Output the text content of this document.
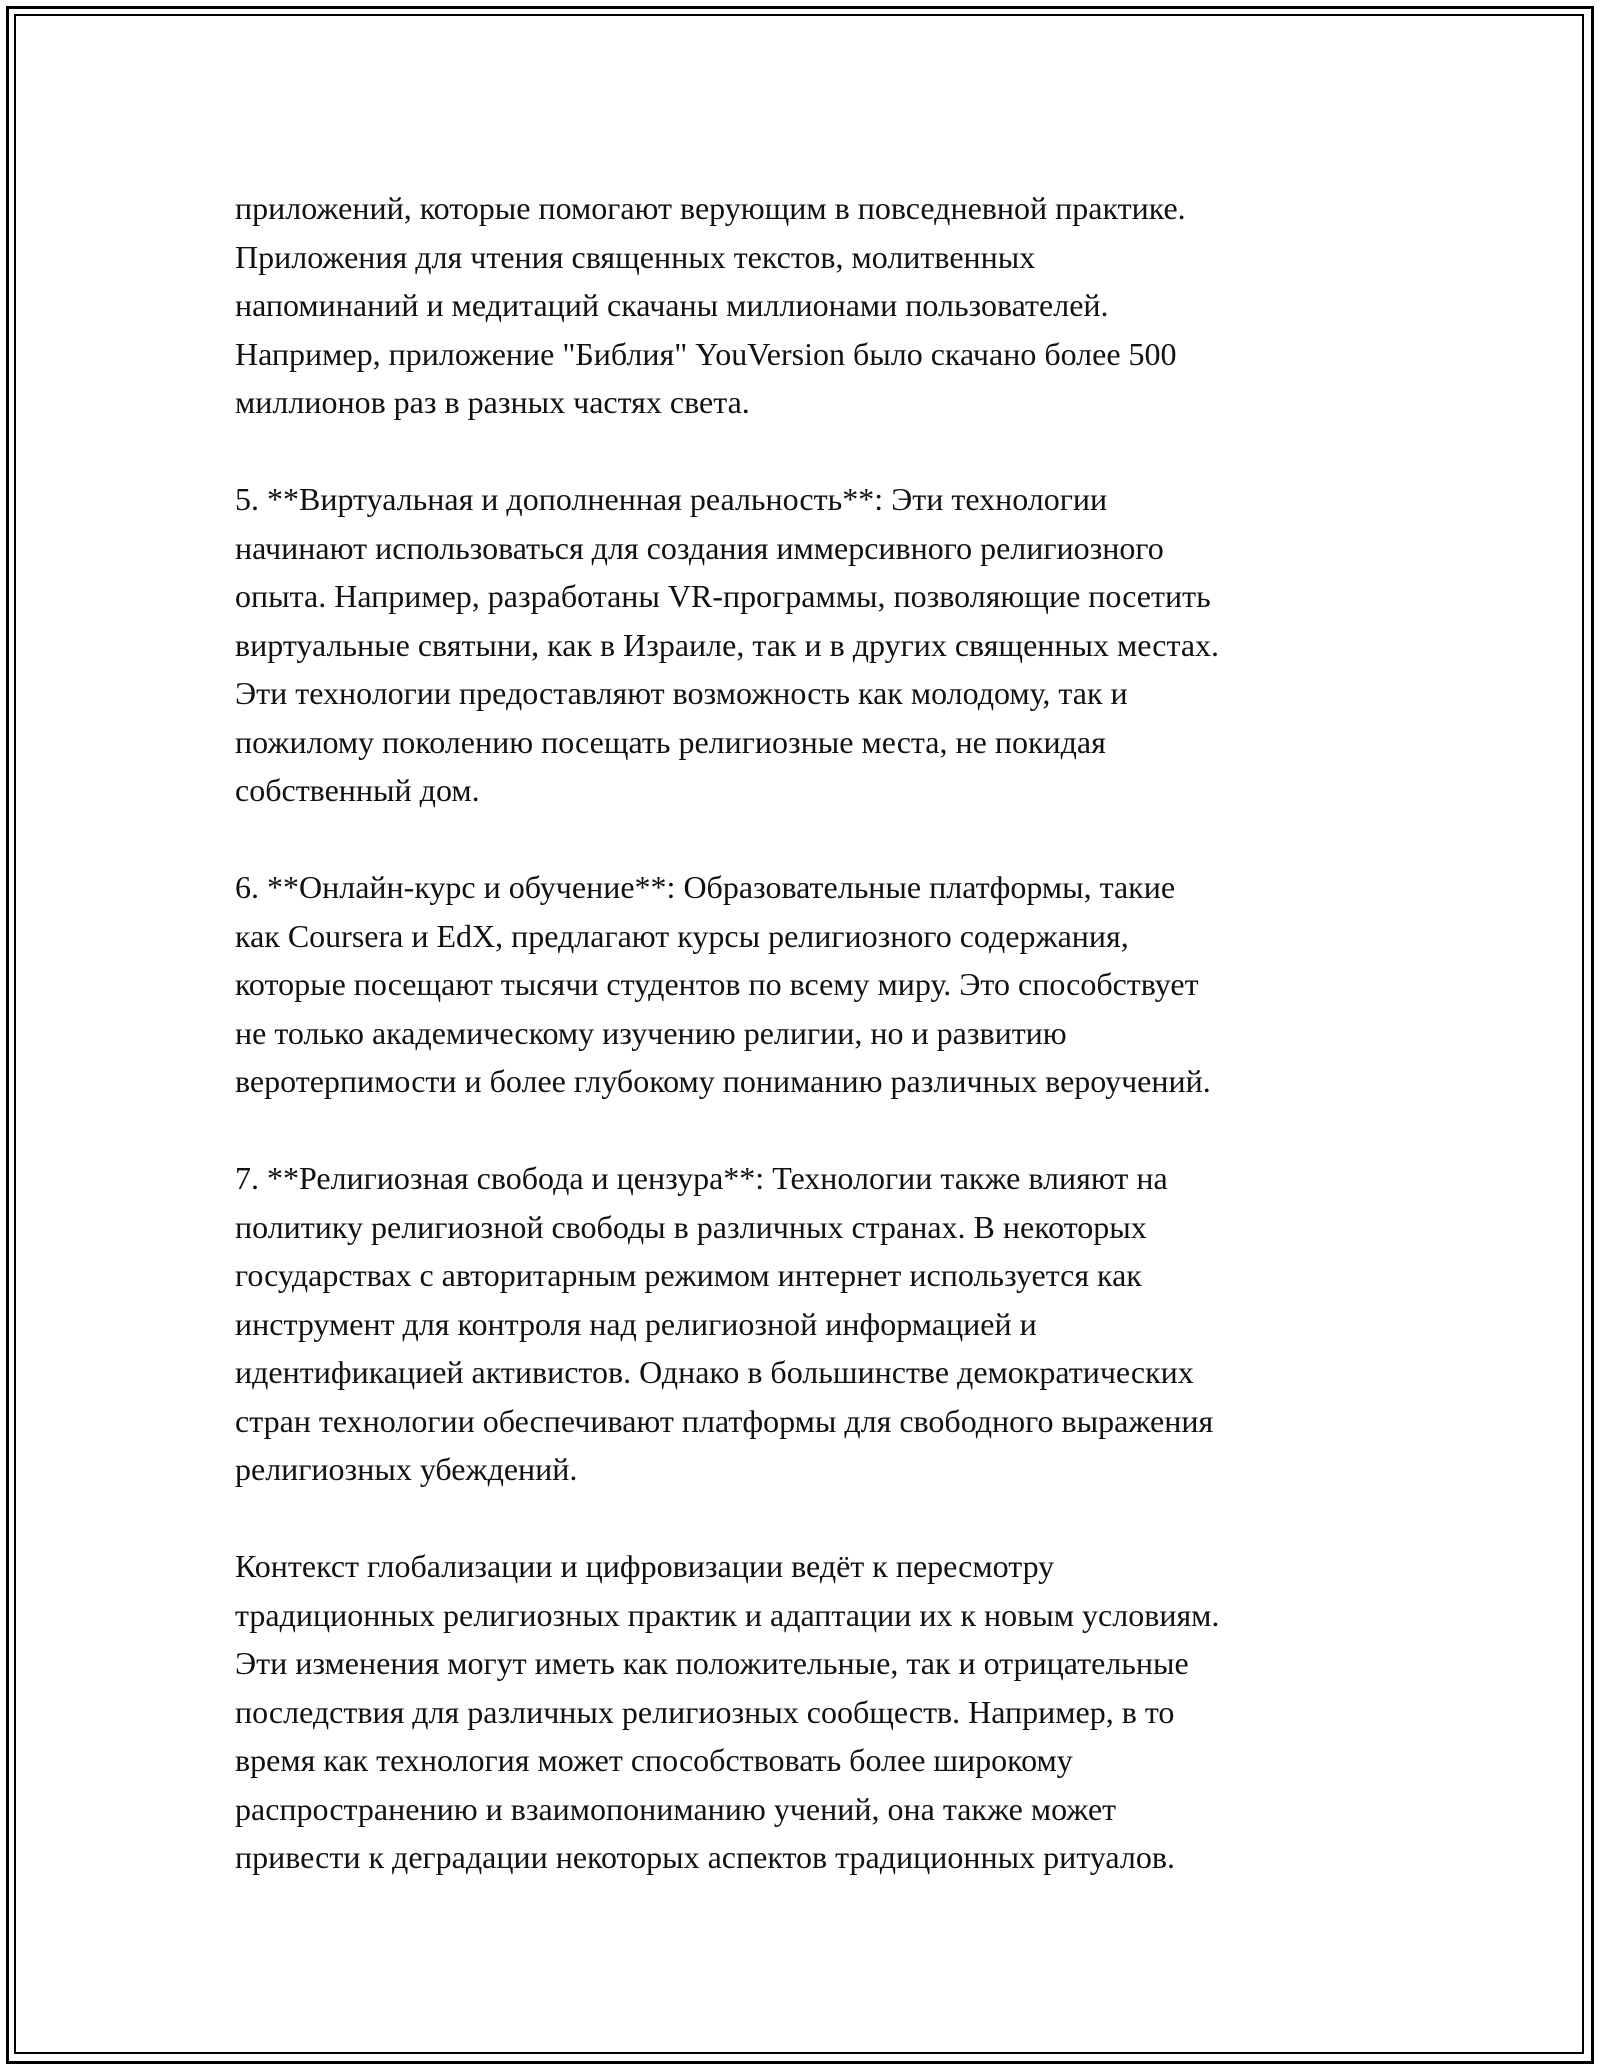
приложений, которые помогают верующим в повседневной практике.
Приложения для чтения священных текстов, молитвенных
напоминаний и медитаций скачаны миллионами пользователей.
Например, приложение "Библия" YouVersion было скачано более 500
миллионов раз в разных частях света.
5. **Виртуальная и дополненная реальность**: Эти технологии
начинают использоваться для создания иммерсивного религиозного
опыта. Например, разработаны VR-программы, позволяющие посетить
виртуальные святыни, как в Израиле, так и в других священных местах.
Эти технологии предоставляют возможность как молодому, так и
пожилому поколению посещать религиозные места, не покидая
собственный дом.
6. **Онлайн-курс и обучение**: Образовательные платформы, такие
как Coursera и EdX, предлагают курсы религиозного содержания,
которые посещают тысячи студентов по всему миру. Это способствует
не только академическому изучению религии, но и развитию
веротерпимости и более глубокому пониманию различных вероучений.
7. **Религиозная свобода и цензура**: Технологии также влияют на
политику религиозной свободы в различных странах. В некоторых
государствах с авторитарным режимом интернет используется как
инструмент для контроля над религиозной информацией и
идентификацией активистов. Однако в большинстве демократических
стран технологии обеспечивают платформы для свободного выражения
религиозных убеждений.
Контекст глобализации и цифровизации ведёт к пересмотру
традиционных религиозных практик и адаптации их к новым условиям.
Эти изменения могут иметь как положительные, так и отрицательные
последствия для различных религиозных сообществ. Например, в то
время как технология может способствовать более широкому
распространению и взаимопониманию учений, она также может
привести к деградации некоторых аспектов традиционных ритуалов.
